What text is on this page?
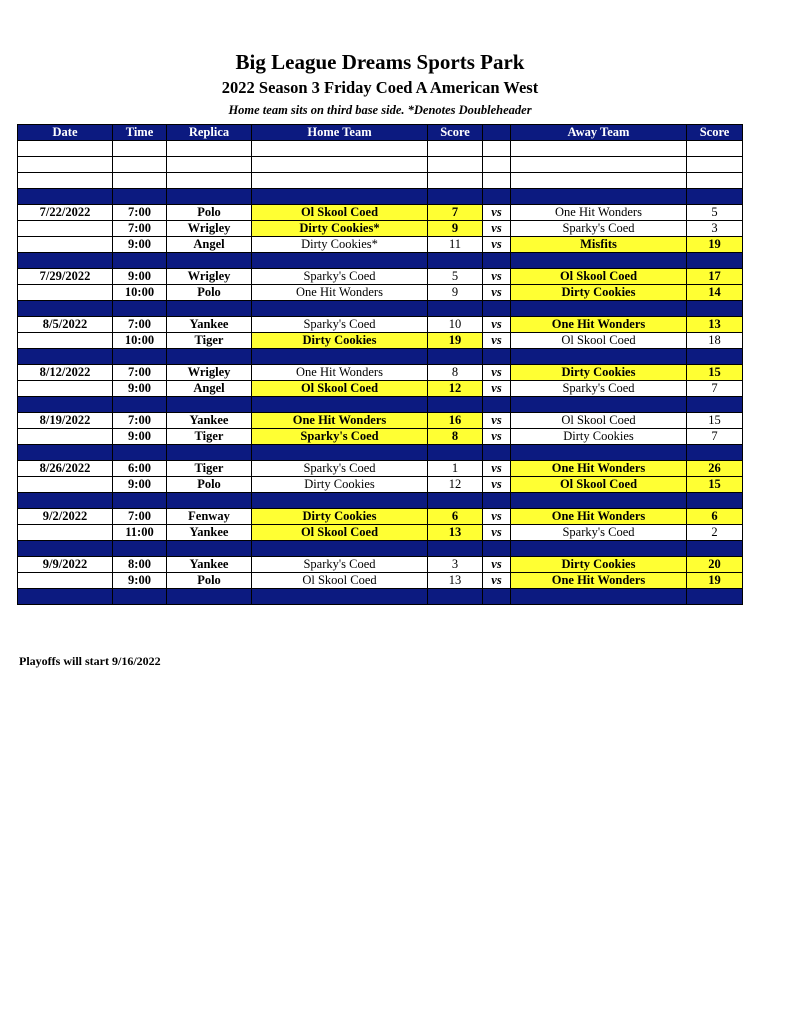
Big League Dreams Sports Park
2022 Season 3 Friday Coed A American West
Home team sits on third base side. *Denotes Doubleheader
Date	Time	Replica	Home Team	Score		Away Team	Score

7/22/2022	7:00	Polo	Ol Skool Coed	7	vs	One Hit Wonders	5
	7:00	Wrigley	Dirty Cookies*	9	vs	Sparky's Coed	3
	9:00	Angel	Dirty Cookies*	11	vs	Misfits	19

7/29/2022	9:00	Wrigley	Sparky's Coed	5	vs	Ol Skool Coed	17
	10:00	Polo	One Hit Wonders	9	vs	Dirty Cookies	14

8/5/2022	7:00	Yankee	Sparky's Coed	10	vs	One Hit Wonders	13
	10:00	Tiger	Dirty Cookies	19	vs	Ol Skool Coed	18

8/12/2022	7:00	Wrigley	One Hit Wonders	8	vs	Dirty Cookies	15
	9:00	Angel	Ol Skool Coed	12	vs	Sparky's Coed	7

8/19/2022	7:00	Yankee	One Hit Wonders	16	vs	Ol Skool Coed	15
	9:00	Tiger	Sparky's Coed	8	vs	Dirty Cookies	7

8/26/2022	6:00	Tiger	Sparky's Coed	1	vs	One Hit Wonders	26
	9:00	Polo	Dirty Cookies	12	vs	Ol Skool Coed	15

9/2/2022	7:00	Fenway	Dirty Cookies	6	vs	One Hit Wonders	6
	11:00	Yankee	Ol Skool Coed	13	vs	Sparky's Coed	2

9/9/2022	8:00	Yankee	Sparky's Coed	3	vs	Dirty Cookies	20
	9:00	Polo	Ol Skool Coed	13	vs	One Hit Wonders	19

Playoffs will start 9/16/2022
